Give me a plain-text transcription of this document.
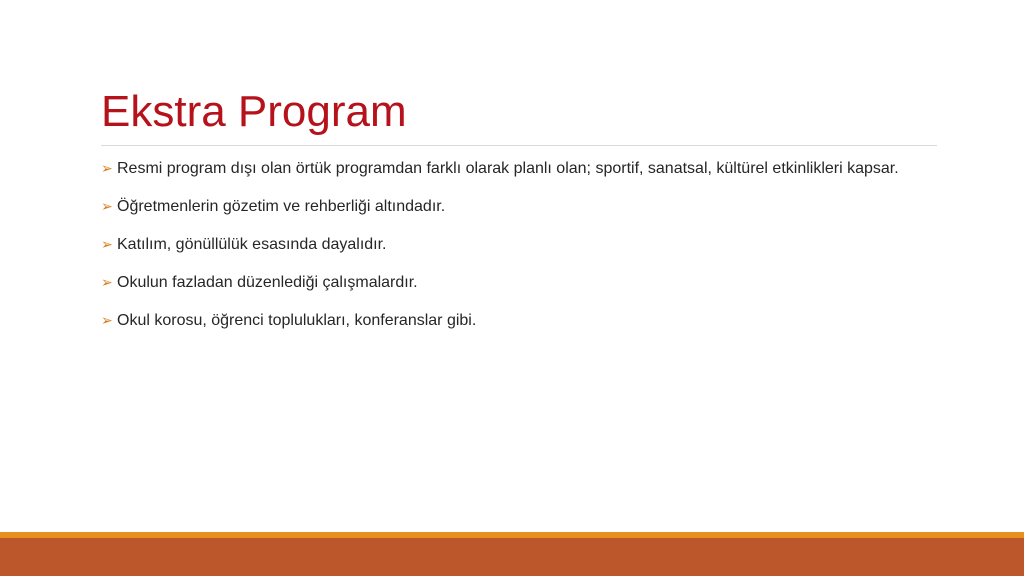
Ekstra Program
➢ Resmi program dışı olan örtük programdan farklı olarak planlı olan; sportif, sanatsal, kültürel etkinlikleri kapsar.
➢ Öğretmenlerin gözetim ve rehberliği altındadır.
➢ Katılım, gönüllülük esasında dayalıdır.
➢ Okulun fazladan düzenlediği çalışmalardır.
➢ Okul korosu, öğrenci toplulukları, konferanslar gibi.
